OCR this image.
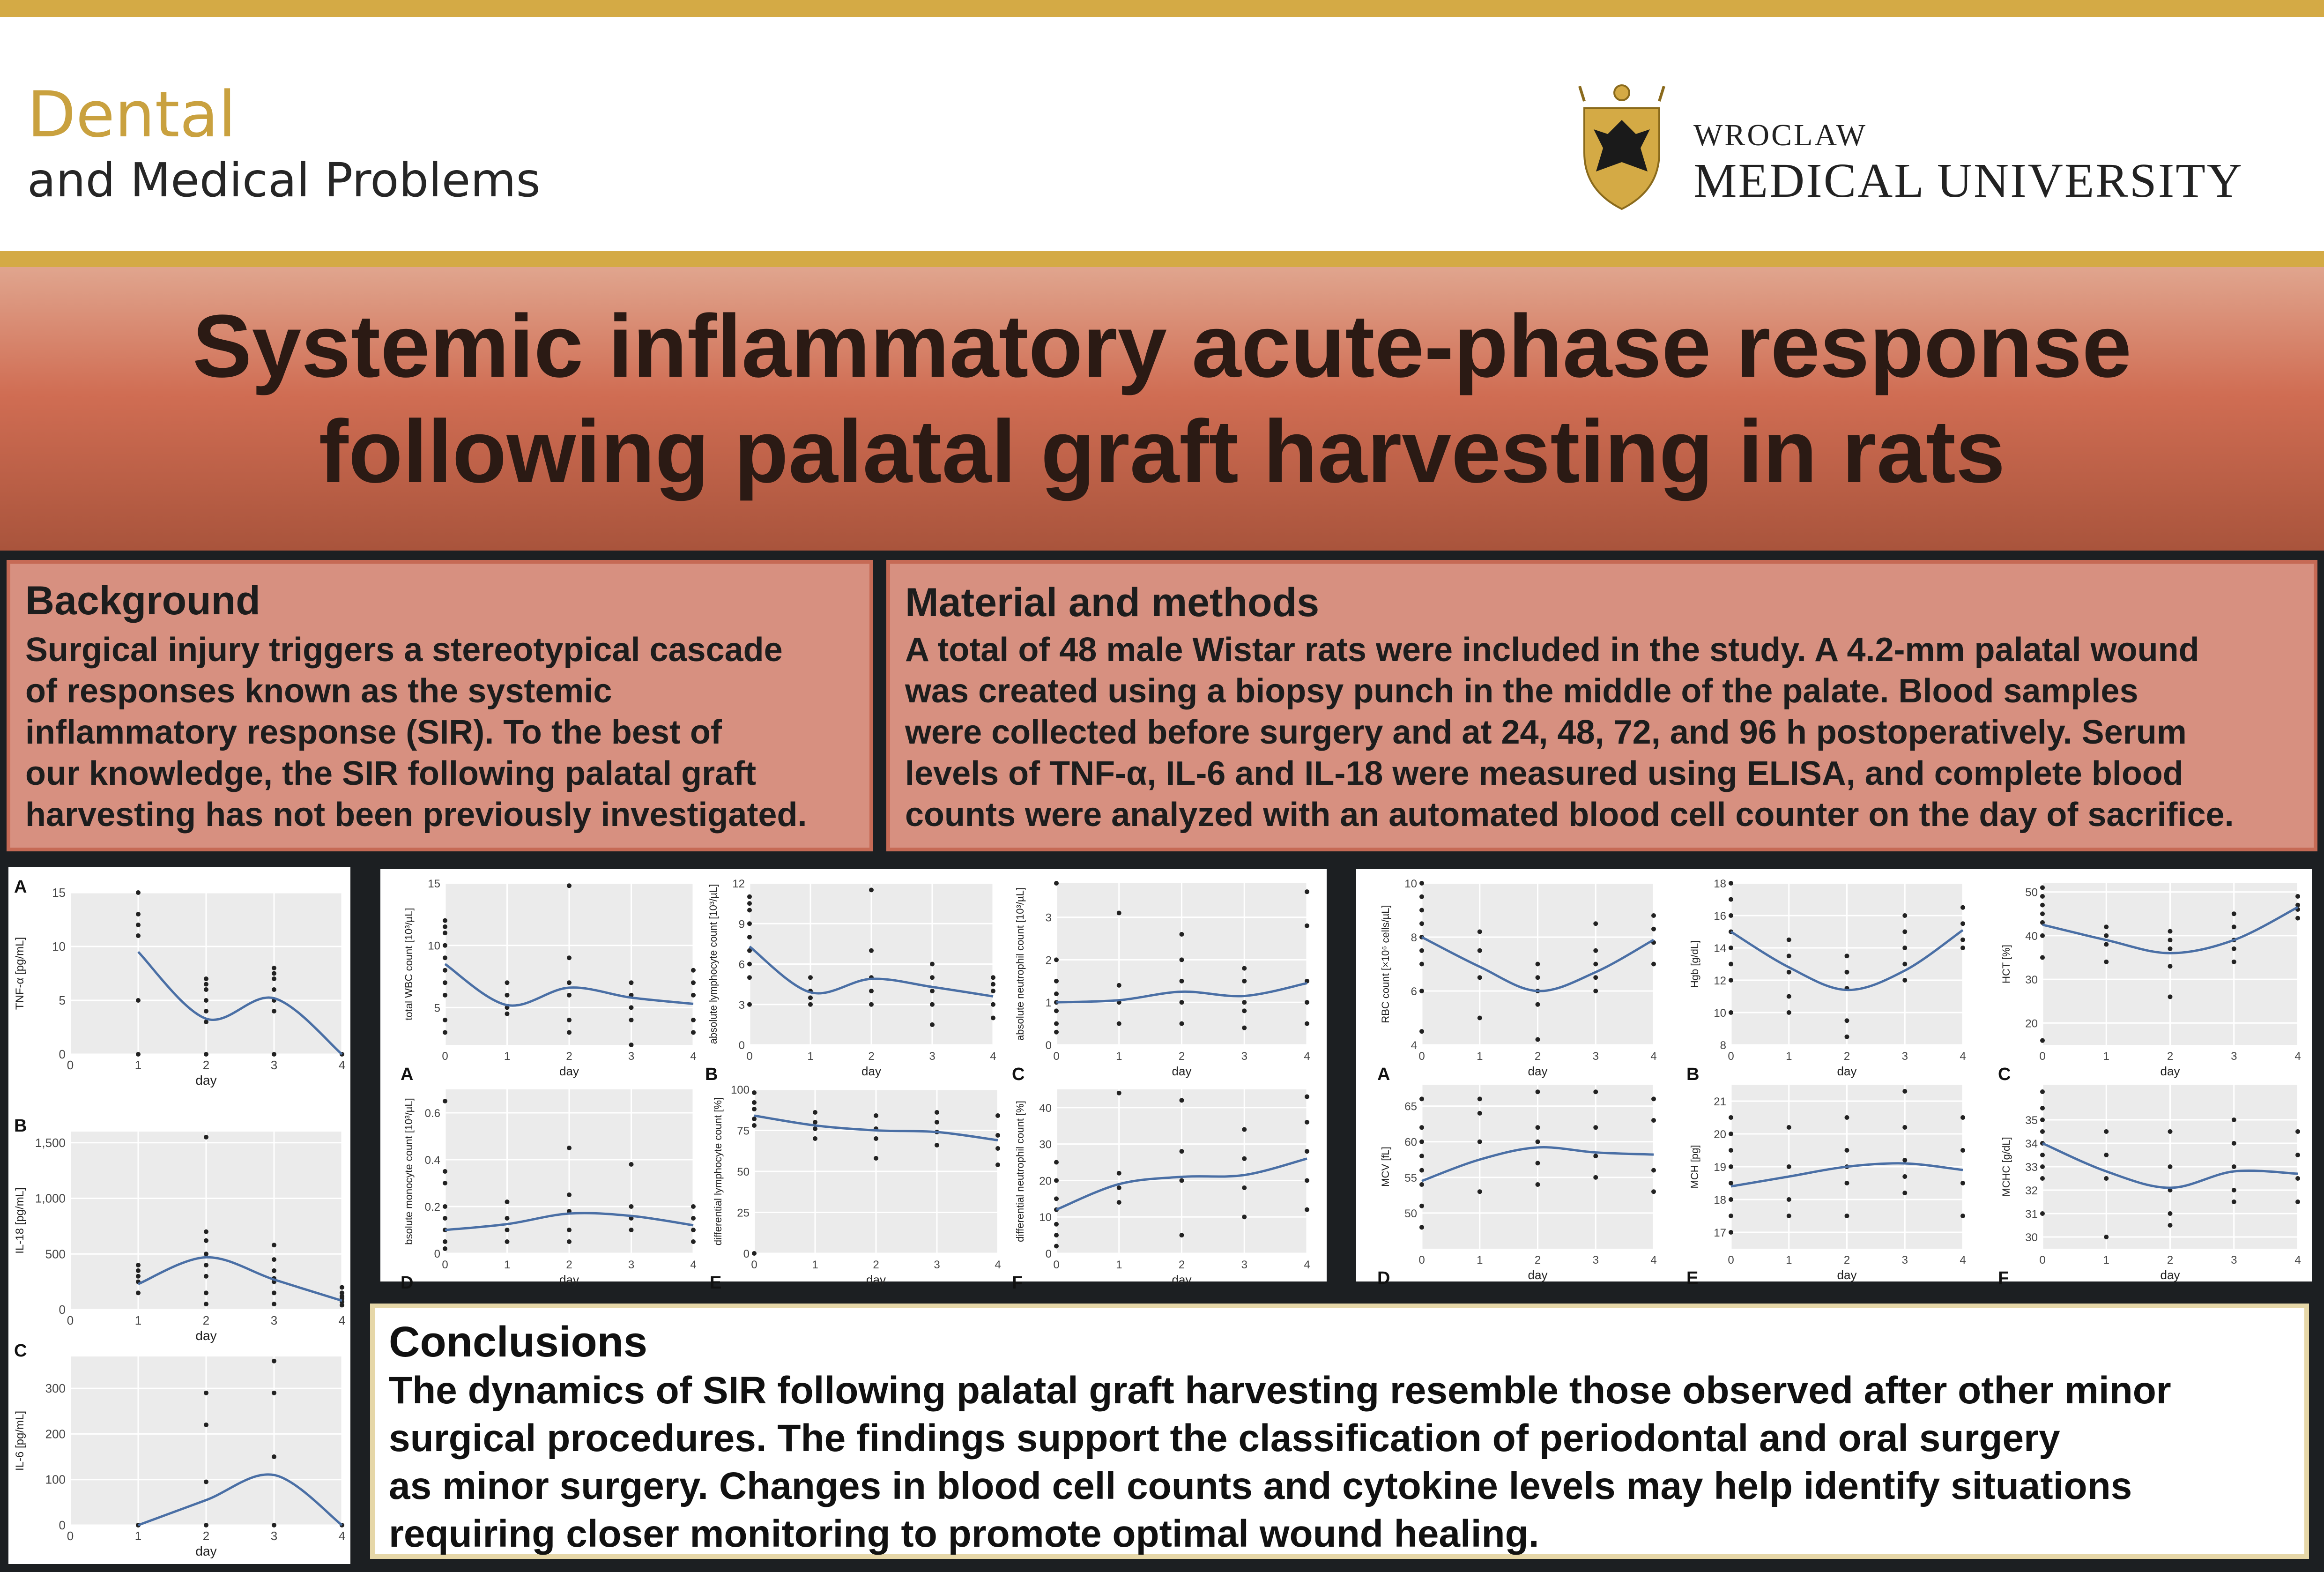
Dental
and Medical Problems
WROCLAW
MEDICAL UNIVERSITY
Systemic inflammatory acute-phase response
following palatal graft harvesting in rats
Background
Surgical injury triggers a stereotypical cascade
of responses known as the systemic
inflammatory response (SIR). To the best of
our knowledge, the SIR following palatal graft
harvesting has not been previously investigated.
Material and methods
A total of 48 male Wistar rats were included in the study. A 4.2-mm palatal wound
was created using a biopsy punch in the middle of the palate. Blood samples
were collected before surgery and at 24, 48, 72, and 96 h postoperatively. Serum
levels of TNF-α, IL-6 and IL-18 were measured using ELISA, and complete blood
counts were analyzed with an automated blood cell counter on the day of sacrifice.
0
5
10
15
0	1	2	3	4
day
TNF-α [pg/mL]
A
0
500
1,000
1,500
0	1	2	3	4
day
IL-18 [pg/mL]
B
0
100
200
300
0	1	2	3	4
day
IL-6 [pg/mL]
C
5
10
15
0	1	2	3	4
day
total WBC count [10³/µL]
A
0
3
6
9
12
0	1	2	3	4
day
absolute lymphocyte count [10³/µL]
B
0
1
2
3
0	1	2	3	4
day
absolute neutrophil count [10³/µL]
C
0
0.2
0.4
0.6
0	1	2	3	4
day
bsolute monocyte count [10³/µL]
D
0
25
50
75
100
0	1	2	3	4
day
differential lymphocyte count [%]
E
0
10
20
30
40
0	1	2	3	4
day
differential neutrophil count [%]
F
4
6
8
10
0	1	2	3	4
day
RBC count [×10⁶ cells/µL]
A
8
10
12
14
16
18
0	1	2	3	4
day
Hgb [g/dL]
B
20
30
40
50
0	1	2	3	4
day
HCT [%]
C
50
55
60
65
0	1	2	3	4
day
MCV [fL]
D
17
18
19
20
21
0	1	2	3	4
day
MCH [pg]
E
30
31
32
33
34
35
0	1	2	3	4
day
MCHC [g/dL]
F
Conclusions
The dynamics of SIR following palatal graft harvesting resemble those observed after other minor
surgical procedures. The findings support the classification of periodontal and oral surgery
as minor surgery. Changes in blood cell counts and cytokine levels may help identify situations
requiring closer monitoring to promote optimal wound healing.
